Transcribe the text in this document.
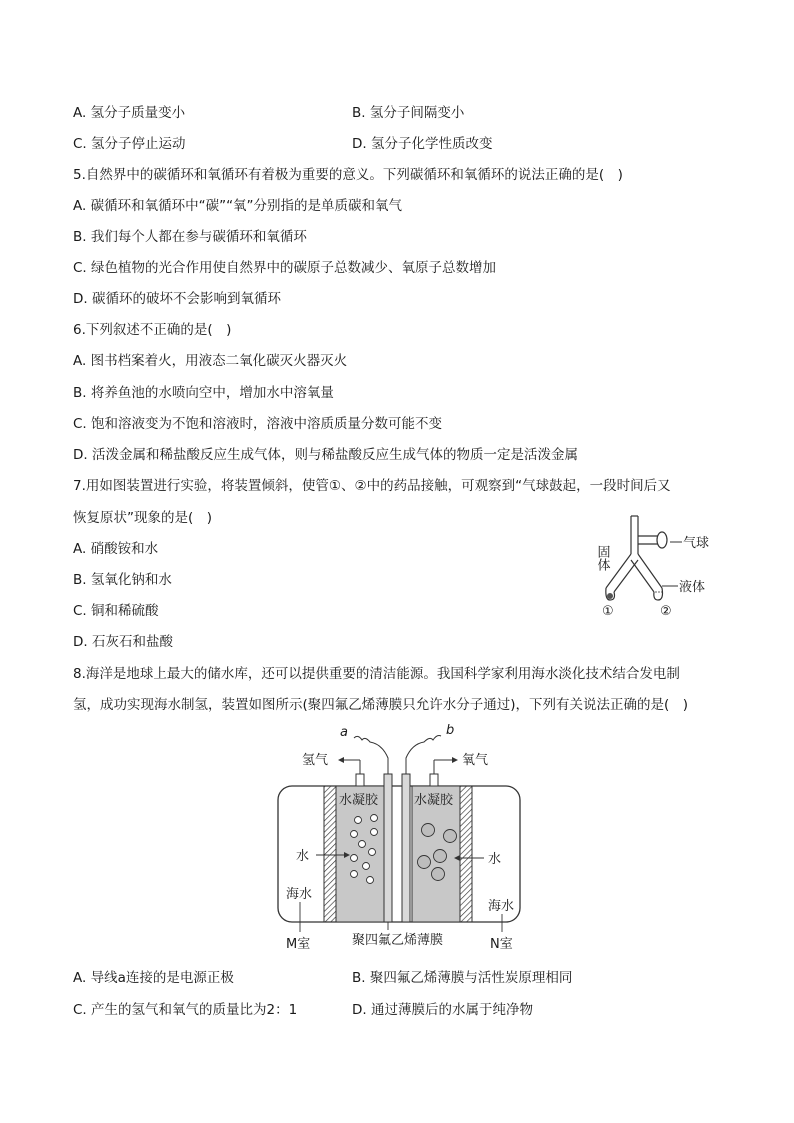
A. 氢分子质量变小	B. 氢分子间隔变小
C. 氢分子停止运动	D. 氢分子化学性质改变
5.自然界中的碳循环和氧循环有着极为重要的意义。下列碳循环和氧循环的说法正确的是(　)
A. 碳循环和氧循环中“碳”“氧”分别指的是单质碳和氧气
B. 我们每个人都在参与碳循环和氧循环
C. 绿色植物的光合作用使自然界中的碳原子总数减少、氧原子总数增加
D. 碳循环的破坏不会影响到氧循环
6.下列叙述不正确的是(　)
A. 图书档案着火，用液态二氧化碳灭火器灭火
B. 将养鱼池的水喷向空中，增加水中溶氧量
C. 饱和溶液变为不饱和溶液时，溶液中溶质质量分数可能不变
D. 活泼金属和稀盐酸反应生成气体，则与稀盐酸反应生成气体的物质一定是活泼金属
7.用如图装置进行实验，将装置倾斜，使管①、②中的药品接触，可观察到“气球鼓起，一段时间后又
恢复原状”现象的是(　)
A. 硝酸铵和水
B. 氢氧化钠和水
C. 铜和稀硫酸
D. 石灰石和盐酸
气球
液体
固体
①	②
8.海洋是地球上最大的储水库，还可以提供重要的清洁能源。我国科学家利用海水淡化技术结合发电制
氢，成功实现海水制氢，装置如图所示(聚四氟乙烯薄膜只允许水分子通过)，下列有关说法正确的是(　)
a	b
氢气	氧气
水凝胶	水凝胶
水	水
海水
海水
M室	N室
聚四氟乙烯薄膜
A. 导线a连接的是电源正极	B. 聚四氟乙烯薄膜与活性炭原理相同
C. 产生的氢气和氧气的质量比为2：1	D. 通过薄膜后的水属于纯净物
